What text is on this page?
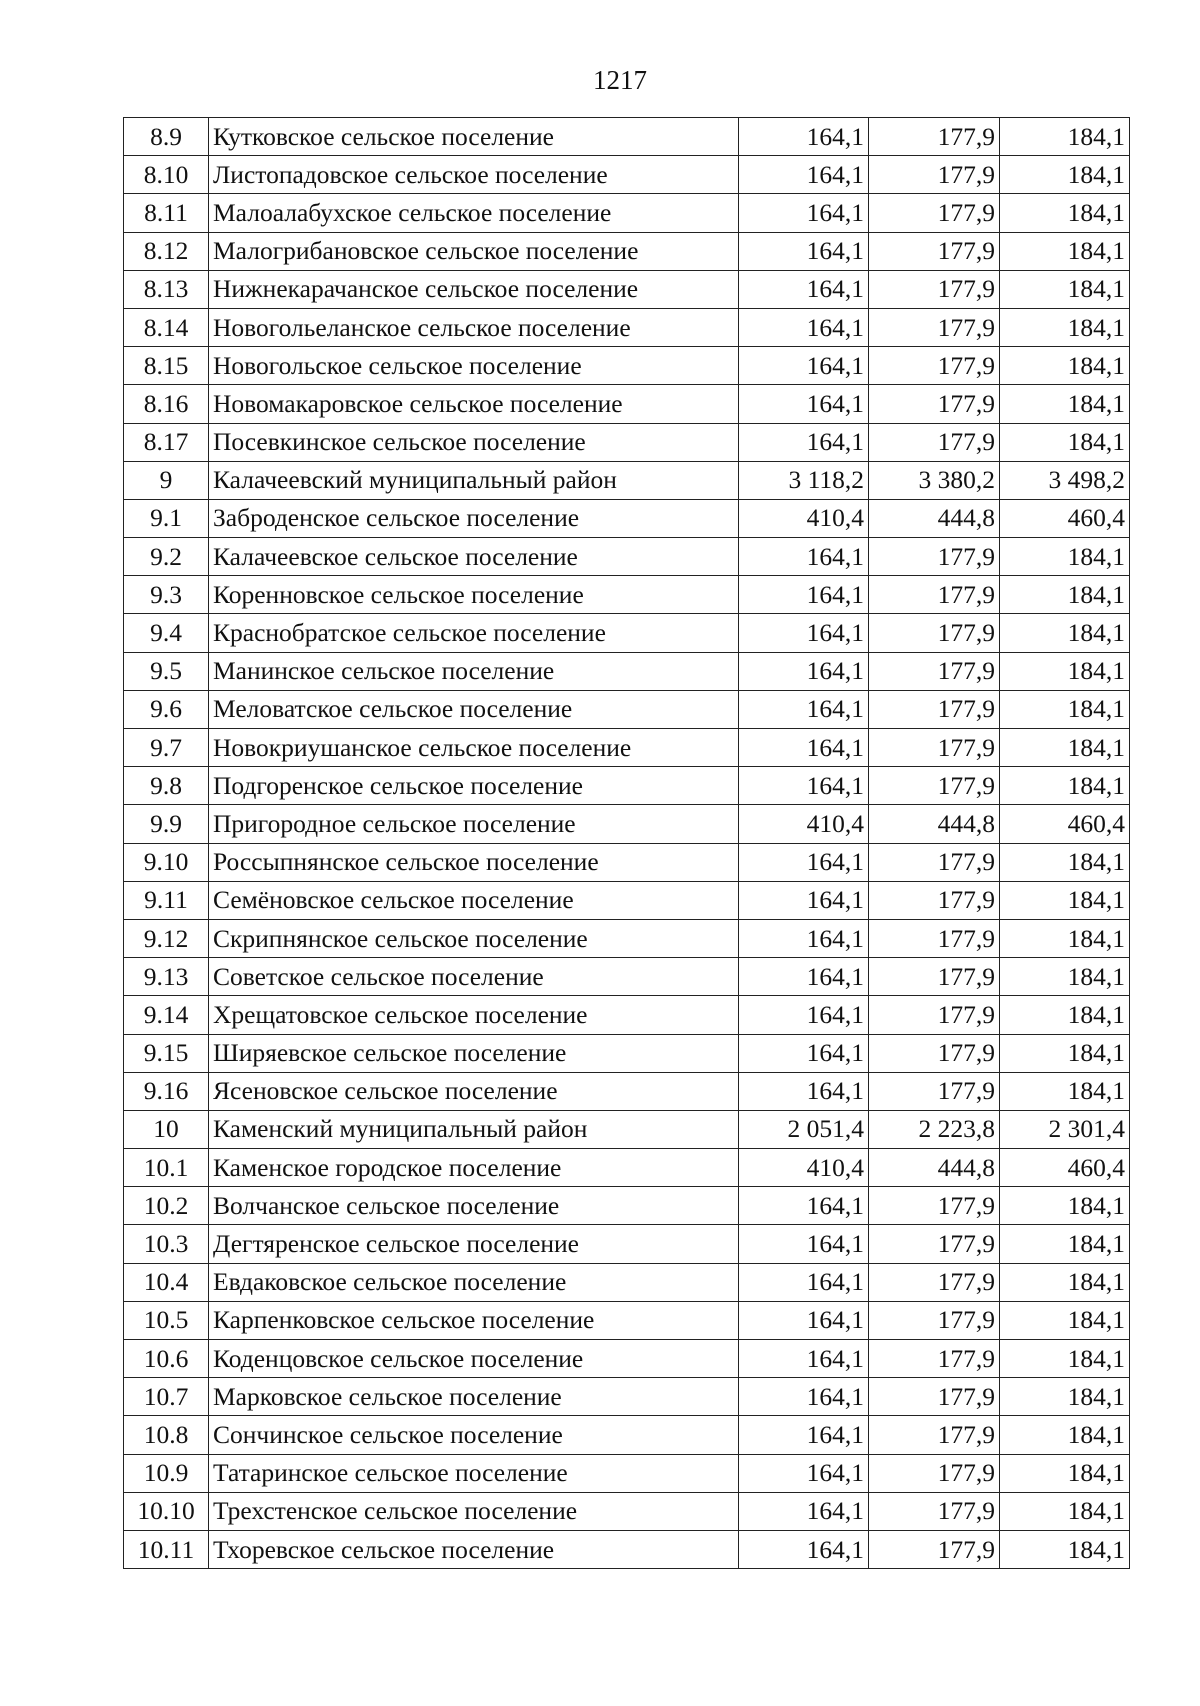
1217
8.9	Кутковское сельское поселение	164,1	177,9	184,1
8.10	Листопадовское сельское поселение	164,1	177,9	184,1
8.11	Малоалабухское сельское поселение	164,1	177,9	184,1
8.12	Малогрибановское сельское поселение	164,1	177,9	184,1
8.13	Нижнекарачанское сельское поселение	164,1	177,9	184,1
8.14	Новогольеланское сельское поселение	164,1	177,9	184,1
8.15	Новогольское сельское поселение	164,1	177,9	184,1
8.16	Новомакаровское сельское поселение	164,1	177,9	184,1
8.17	Посевкинское сельское поселение	164,1	177,9	184,1
9	Калачеевский муниципальный район	3 118,2	3 380,2	3 498,2
9.1	Заброденское сельское поселение	410,4	444,8	460,4
9.2	Калачеевское сельское поселение	164,1	177,9	184,1
9.3	Коренновское сельское поселение	164,1	177,9	184,1
9.4	Краснобратское сельское поселение	164,1	177,9	184,1
9.5	Манинское сельское поселение	164,1	177,9	184,1
9.6	Меловатское сельское поселение	164,1	177,9	184,1
9.7	Новокриушанское сельское поселение	164,1	177,9	184,1
9.8	Подгоренское сельское поселение	164,1	177,9	184,1
9.9	Пригородное сельское поселение	410,4	444,8	460,4
9.10	Россыпнянское сельское поселение	164,1	177,9	184,1
9.11	Семёновское сельское поселение	164,1	177,9	184,1
9.12	Скрипнянское сельское поселение	164,1	177,9	184,1
9.13	Советское сельское поселение	164,1	177,9	184,1
9.14	Хрещатовское сельское поселение	164,1	177,9	184,1
9.15	Ширяевское сельское поселение	164,1	177,9	184,1
9.16	Ясеновское сельское поселение	164,1	177,9	184,1
10	Каменский муниципальный район	2 051,4	2 223,8	2 301,4
10.1	Каменское городское поселение	410,4	444,8	460,4
10.2	Волчанское сельское поселение	164,1	177,9	184,1
10.3	Дегтяренское сельское поселение	164,1	177,9	184,1
10.4	Евдаковское сельское поселение	164,1	177,9	184,1
10.5	Карпенковское сельское поселение	164,1	177,9	184,1
10.6	Коденцовское сельское поселение	164,1	177,9	184,1
10.7	Марковское сельское поселение	164,1	177,9	184,1
10.8	Сончинское сельское поселение	164,1	177,9	184,1
10.9	Татаринское сельское поселение	164,1	177,9	184,1
10.10	Трехстенское сельское поселение	164,1	177,9	184,1
10.11	Тхоревское сельское поселение	164,1	177,9	184,1
